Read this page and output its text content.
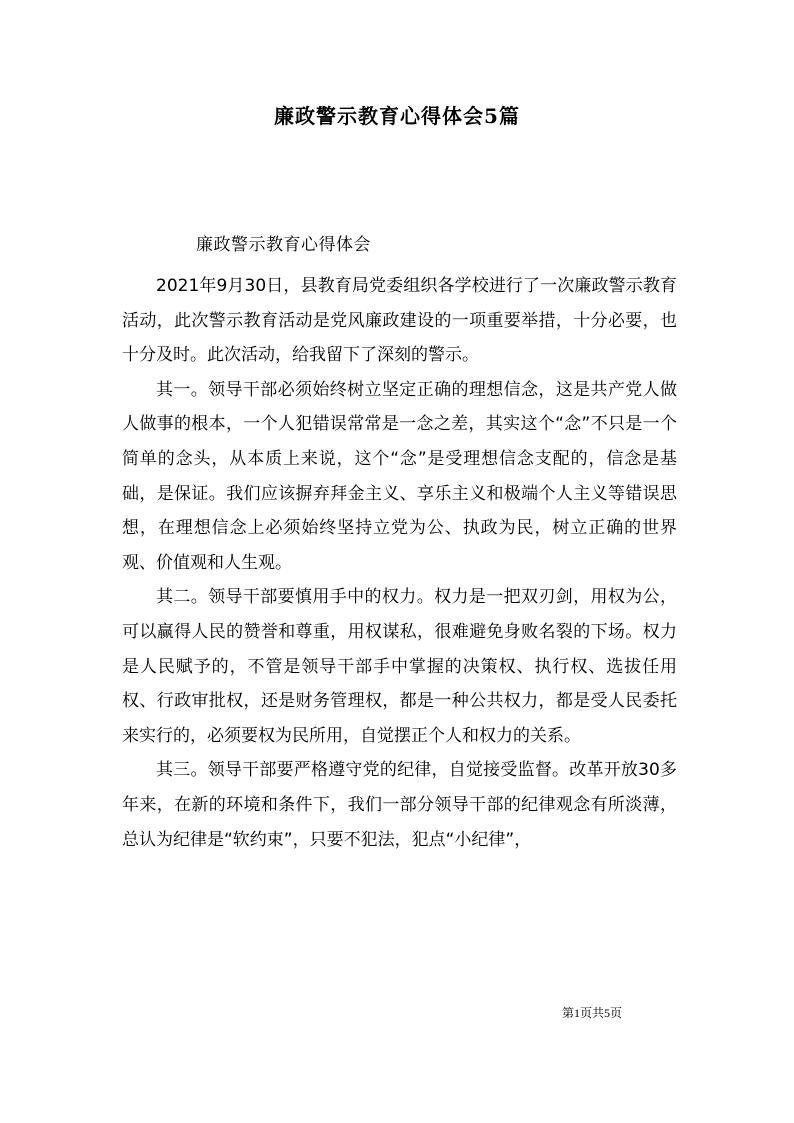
廉政警示教育心得体会5篇
廉政警示教育心得体会

2021年9月30日，县教育局党委组织各学校进行了一次廉政警示教育活动，此次警示教育活动是党风廉政建设的一项重要举措，十分必要，也十分及时。此次活动，给我留下了深刻的警示。

其一。领导干部必须始终树立坚定正确的理想信念，这是共产党人做人做事的根本，一个人犯错误常常是一念之差，其实这个“念”不只是一个简单的念头，从本质上来说，这个“念”是受理想信念支配的，信念是基础，是保证。我们应该摒弃拜金主义、享乐主义和极端个人主义等错误思想，在理想信念上必须始终坚持立党为公、执政为民，树立正确的世界观、价值观和人生观。

其二。领导干部要慎用手中的权力。权力是一把双刃剑，用权为公，可以赢得人民的赞誉和尊重，用权谋私，很难避免身败名裂的下场。权力是人民赋予的，不管是领导干部手中掌握的决策权、执行权、选拔任用权、行政审批权，还是财务管理权，都是一种公共权力，都是受人民委托来实行的，必须要权为民所用，自觉摆正个人和权力的关系。

其三。领导干部要严格遵守党的纪律，自觉接受监督。改革开放30多年来，在新的环境和条件下，我们一部分领导干部的纪律观念有所淡薄，总认为纪律是“软约束”，只要不犯法，犯点“小纪律”，

第1页共5页
